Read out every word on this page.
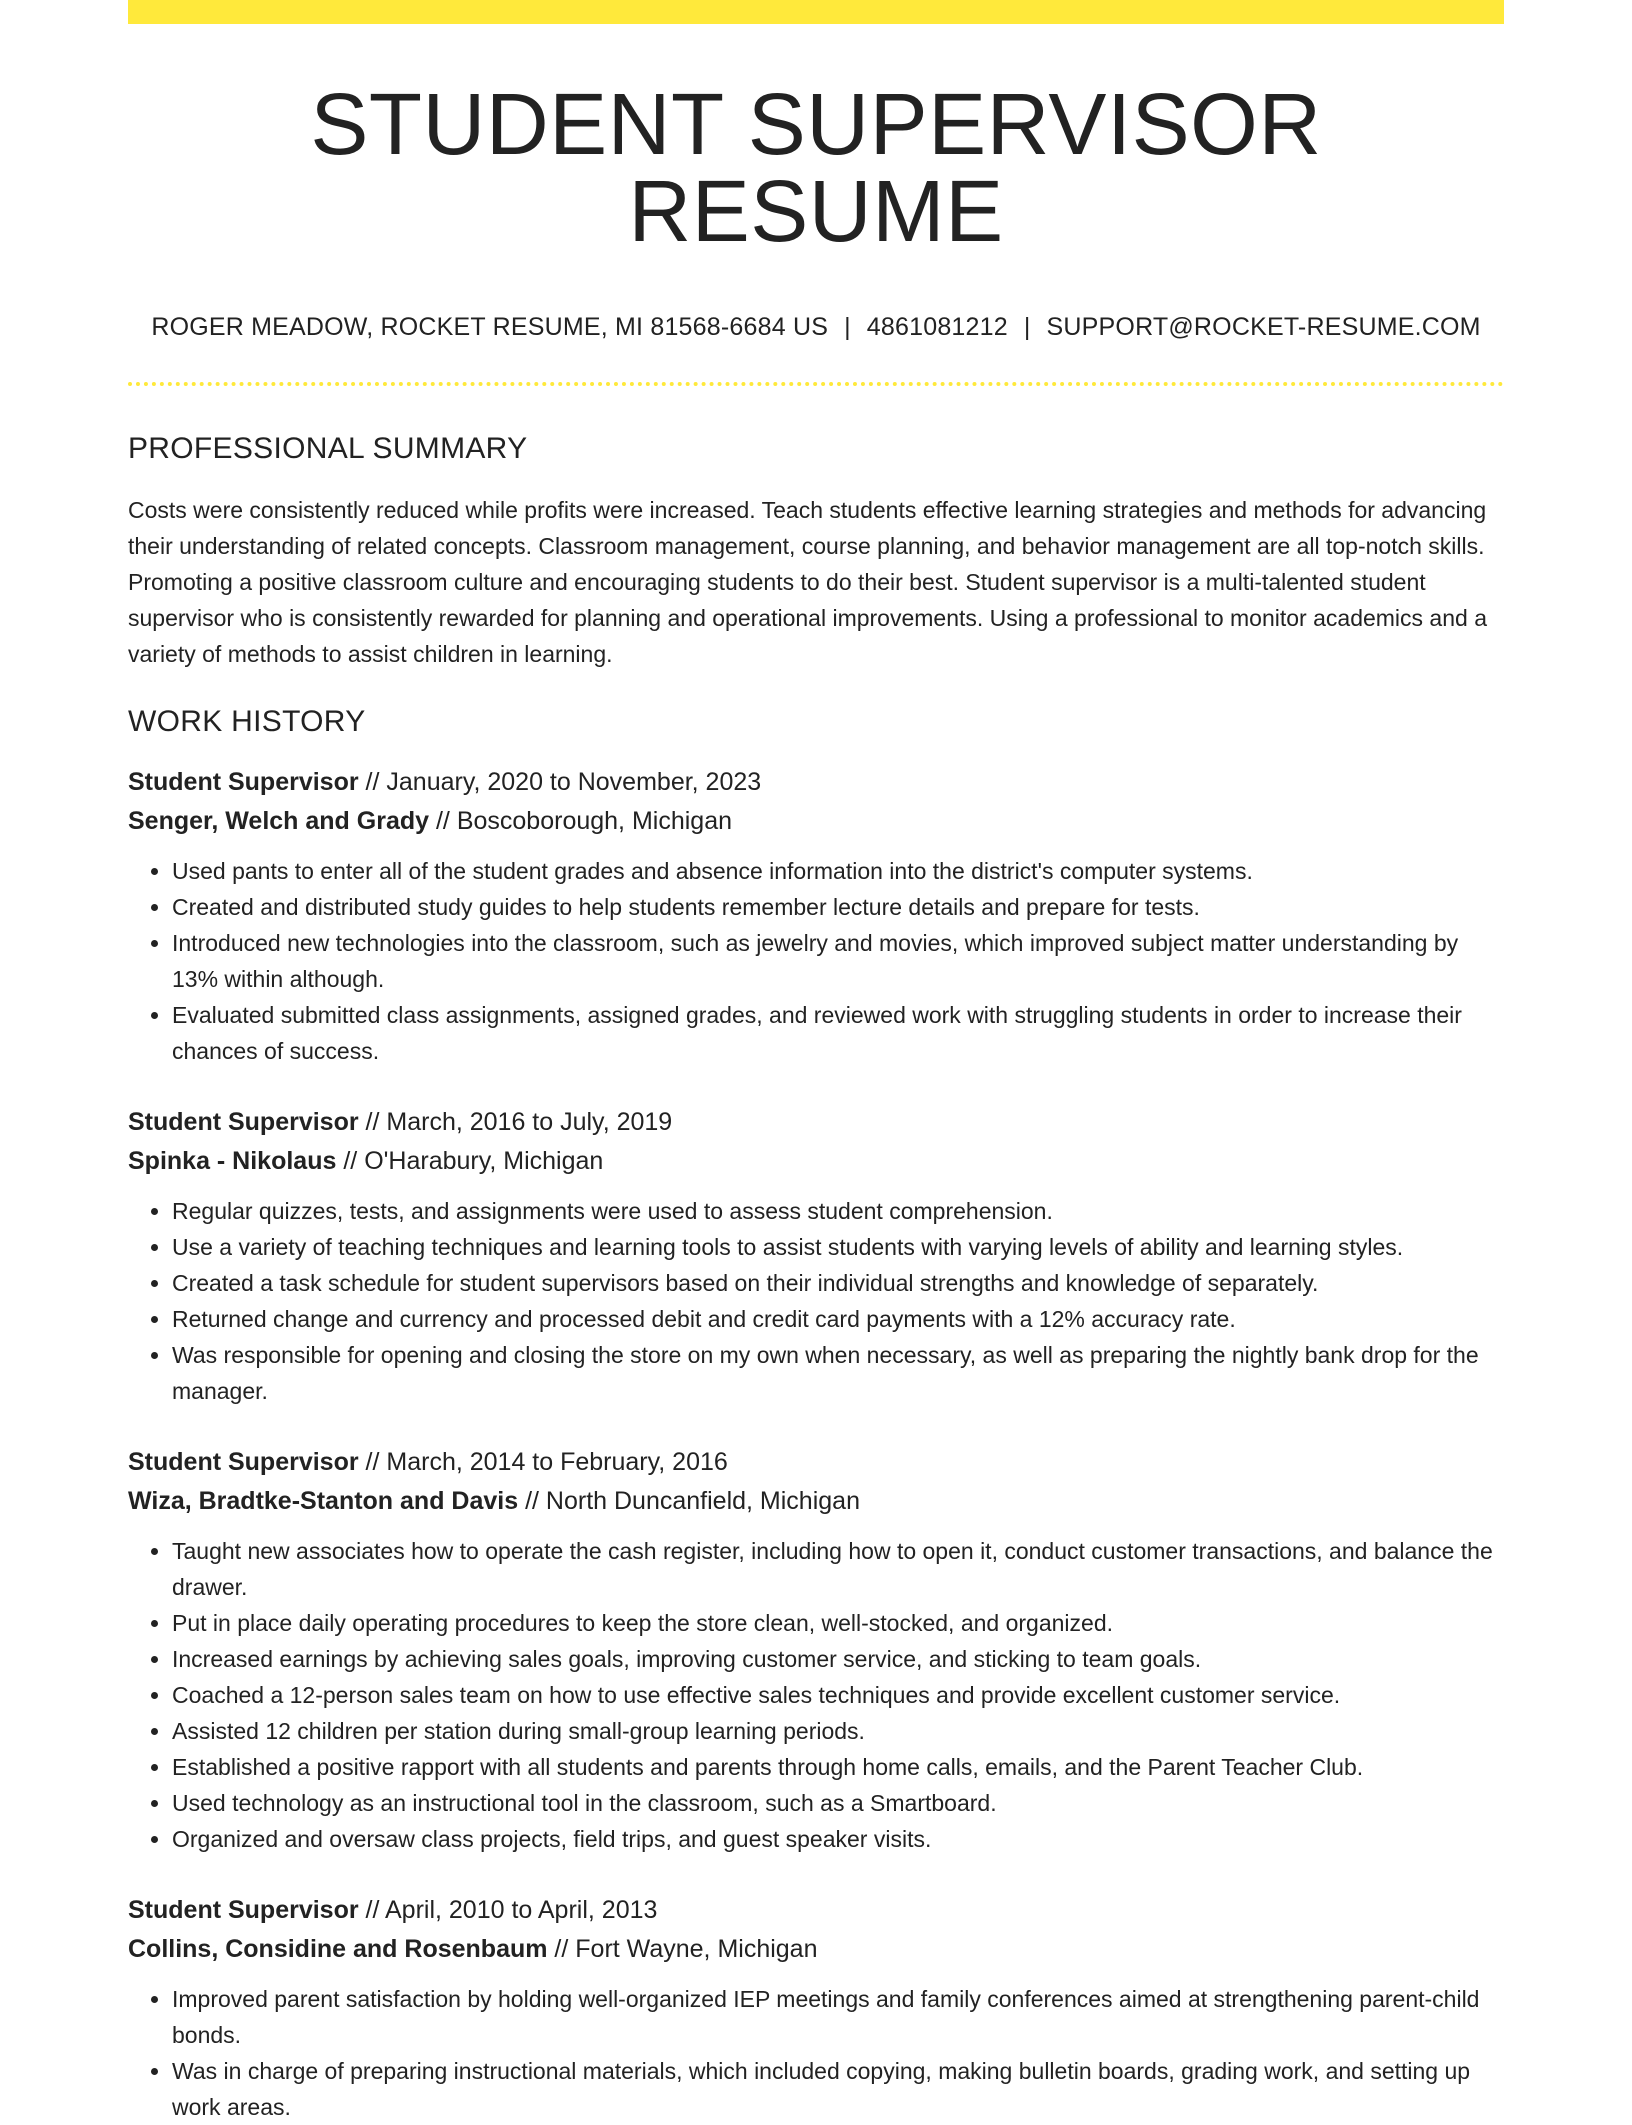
STUDENT SUPERVISOR RESUME
ROGER MEADOW, ROCKET RESUME, MI 81568-6684 US | 4861081212 | SUPPORT@ROCKET-RESUME.COM
PROFESSIONAL SUMMARY

Costs were consistently reduced while profits were increased. Teach students effective learning strategies and methods for advancing their understanding of related concepts. Classroom management, course planning, and behavior management are all top-notch skills. Promoting a positive classroom culture and encouraging students to do their best. Student supervisor is a multi-talented student supervisor who is consistently rewarded for planning and operational improvements. Using a professional to monitor academics and a variety of methods to assist children in learning.

WORK HISTORY
Student Supervisor // January, 2020 to November, 2023
Senger, Welch and Grady // Boscoborough, Michigan
• Used pants to enter all of the student grades and absence information into the district's computer systems.
• Created and distributed study guides to help students remember lecture details and prepare for tests.
• Introduced new technologies into the classroom, such as jewelry and movies, which improved subject matter understanding by 13% within although.
• Evaluated submitted class assignments, assigned grades, and reviewed work with struggling students in order to increase their chances of success.
Student Supervisor // March, 2016 to July, 2019
Spinka - Nikolaus // O'Harabury, Michigan
• Regular quizzes, tests, and assignments were used to assess student comprehension.
• Use a variety of teaching techniques and learning tools to assist students with varying levels of ability and learning styles.
• Created a task schedule for student supervisors based on their individual strengths and knowledge of separately.
• Returned change and currency and processed debit and credit card payments with a 12% accuracy rate.
• Was responsible for opening and closing the store on my own when necessary, as well as preparing the nightly bank drop for the manager.
Student Supervisor // March, 2014 to February, 2016
Wiza, Bradtke-Stanton and Davis // North Duncanfield, Michigan
• Taught new associates how to operate the cash register, including how to open it, conduct customer transactions, and balance the drawer.
• Put in place daily operating procedures to keep the store clean, well-stocked, and organized.
• Increased earnings by achieving sales goals, improving customer service, and sticking to team goals.
• Coached a 12-person sales team on how to use effective sales techniques and provide excellent customer service.
• Assisted 12 children per station during small-group learning periods.
• Established a positive rapport with all students and parents through home calls, emails, and the Parent Teacher Club.
• Used technology as an instructional tool in the classroom, such as a Smartboard.
• Organized and oversaw class projects, field trips, and guest speaker visits.
Student Supervisor // April, 2010 to April, 2013
Collins, Considine and Rosenbaum // Fort Wayne, Michigan
• Improved parent satisfaction by holding well-organized IEP meetings and family conferences aimed at strengthening parent-child bonds.
• Was in charge of preparing instructional materials, which included copying, making bulletin boards, grading work, and setting up work areas.
